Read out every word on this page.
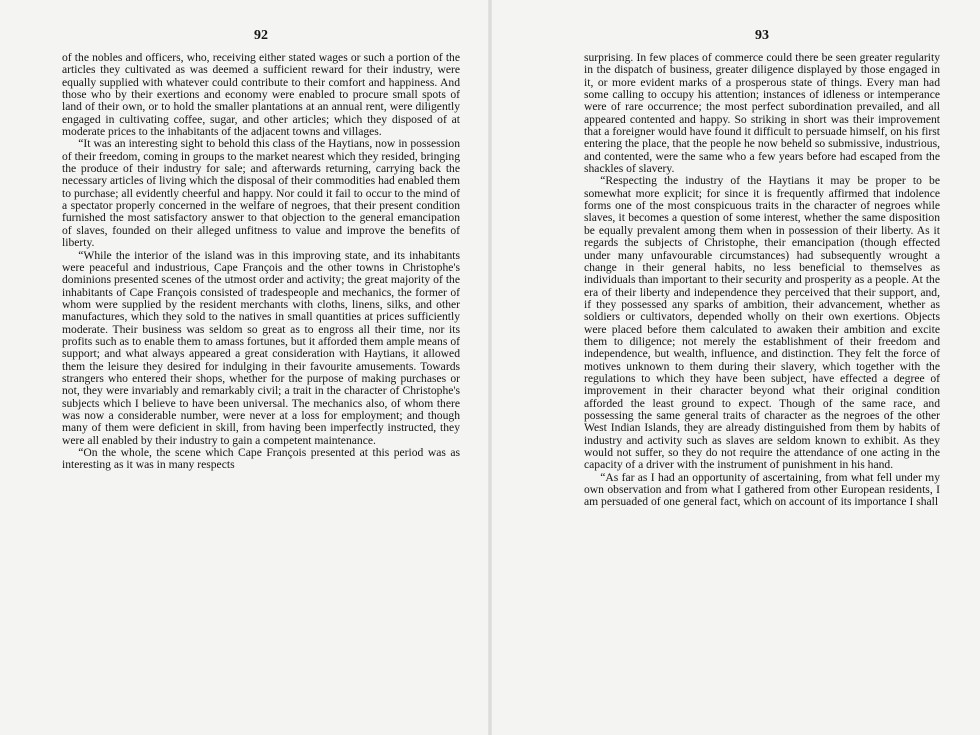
92

of the nobles and officers, who, receiving either stated wages or such a portion of the articles they cultivated as was deemed a sufficient reward for their industry, were equally supplied with whatever could contribute to their comfort and happiness. And those who by their exertions and economy were enabled to procure small spots of land of their own, or to hold the smaller plantations at an annual rent, were diligently engaged in cultivating coffee, sugar, and other articles; which they disposed of at moderate prices to the inhabitants of the adjacent towns and villages.

“It was an interesting sight to behold this class of the Haytians, now in possession of their freedom, coming in groups to the market nearest which they resided, bringing the produce of their industry for sale; and afterwards returning, carrying back the necessary articles of living which the disposal of their commodities had enabled them to purchase; all evidently cheerful and happy. Nor could it fail to occur to the mind of a spectator properly concerned in the welfare of negroes, that their present condition furnished the most satisfactory answer to that objection to the general emancipation of slaves, founded on their alleged unfitness to value and improve the benefits of liberty.

“While the interior of the island was in this improving state, and its inhabitants were peaceful and industrious, Cape François and the other towns in Christophe's dominions presented scenes of the utmost order and activity; the great majority of the inhabitants of Cape François consisted of tradespeople and mechanics, the former of whom were supplied by the resident merchants with cloths, linens, silks, and other manufactures, which they sold to the natives in small quantities at prices sufficiently moderate. Their business was seldom so great as to engross all their time, nor its profits such as to enable them to amass fortunes, but it afforded them ample means of support; and what always appeared a great consideration with Haytians, it allowed them the leisure they desired for indulging in their favourite amusements. Towards strangers who entered their shops, whether for the purpose of making purchases or not, they were invariably and remarkably civil; a trait in the character of Christophe's subjects which I believe to have been universal. The mechanics also, of whom there was now a considerable number, were never at a loss for employment; and though many of them were deficient in skill, from having been imperfectly instructed, they were all enabled by their industry to gain a competent maintenance.

“On the whole, the scene which Cape François presented at this period was as interesting as it was in many respects

93

surprising. In few places of commerce could there be seen greater regularity in the dispatch of business, greater diligence displayed by those engaged in it, or more evident marks of a prosperous state of things. Every man had some calling to occupy his attention; instances of idleness or intemperance were of rare occurrence; the most perfect subordination prevailed, and all appeared contented and happy. So striking in short was their improvement that a foreigner would have found it difficult to persuade himself, on his first entering the place, that the people he now beheld so submissive, industrious, and contented, were the same who a few years before had escaped from the shackles of slavery.

“Respecting the industry of the Haytians it may be proper to be somewhat more explicit; for since it is frequently affirmed that indolence forms one of the most conspicuous traits in the character of negroes while slaves, it becomes a question of some interest, whether the same disposition be equally prevalent among them when in possession of their liberty. As it regards the subjects of Christophe, their emancipation (though effected under many unfavourable circumstances) had subsequently wrought a change in their general habits, no less beneficial to themselves as individuals than important to their security and prosperity as a people. At the era of their liberty and independence they perceived that their support, and, if they possessed any sparks of ambition, their advancement, whether as soldiers or cultivators, depended wholly on their own exertions. Objects were placed before them calculated to awaken their ambition and excite them to diligence; not merely the establishment of their freedom and independence, but wealth, influence, and distinction. They felt the force of motives unknown to them during their slavery, which together with the regulations to which they have been subject, have effected a degree of improvement in their character beyond what their original condition afforded the least ground to expect. Though of the same race, and possessing the same general traits of character as the negroes of the other West Indian Islands, they are already distinguished from them by habits of industry and activity such as slaves are seldom known to exhibit. As they would not suffer, so they do not require the attendance of one acting in the capacity of a driver with the instrument of punishment in his hand.

“As far as I had an opportunity of ascertaining, from what fell under my own observation and from what I gathered from other European residents, I am persuaded of one general fact, which on account of its importance I shall
